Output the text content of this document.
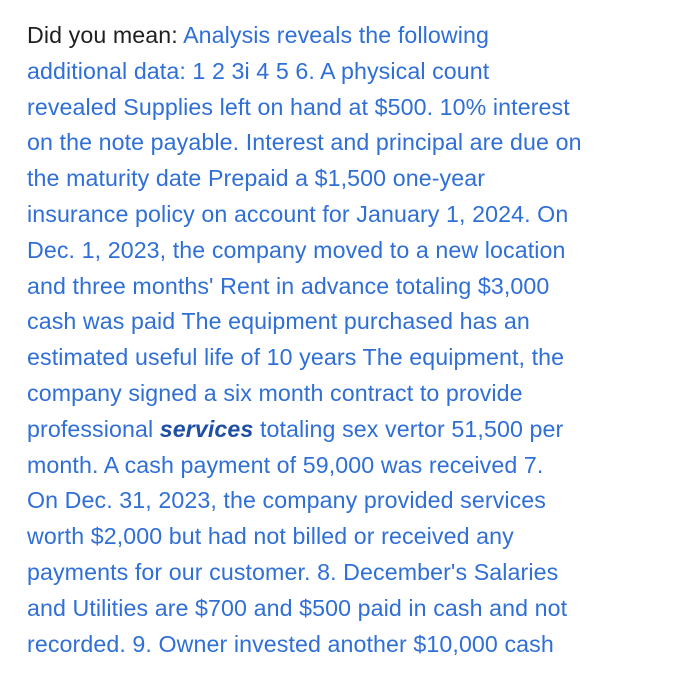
Did you mean: Analysis reveals the following
additional data: 1 2 3i 4 5 6. A physical count
revealed Supplies left on hand at $500. 10% interest
on the note payable. Interest and principal are due on
the maturity date Prepaid a $1,500 one-year
insurance policy on account for January 1, 2024. On
Dec. 1, 2023, the company moved to a new location
and three months' Rent in advance totaling $3,000
cash was paid The equipment purchased has an
estimated useful life of 10 years The equipment, the
company signed a six month contract to provide
professional services totaling sex vertor 51,500 per
month. A cash payment of 59,000 was received 7.
On Dec. 31, 2023, the company provided services
worth $2,000 but had not billed or received any
payments for our customer. 8. December's Salaries
and Utilities are $700 and $500 paid in cash and not
recorded. 9. Owner invested another $10,000 cash
